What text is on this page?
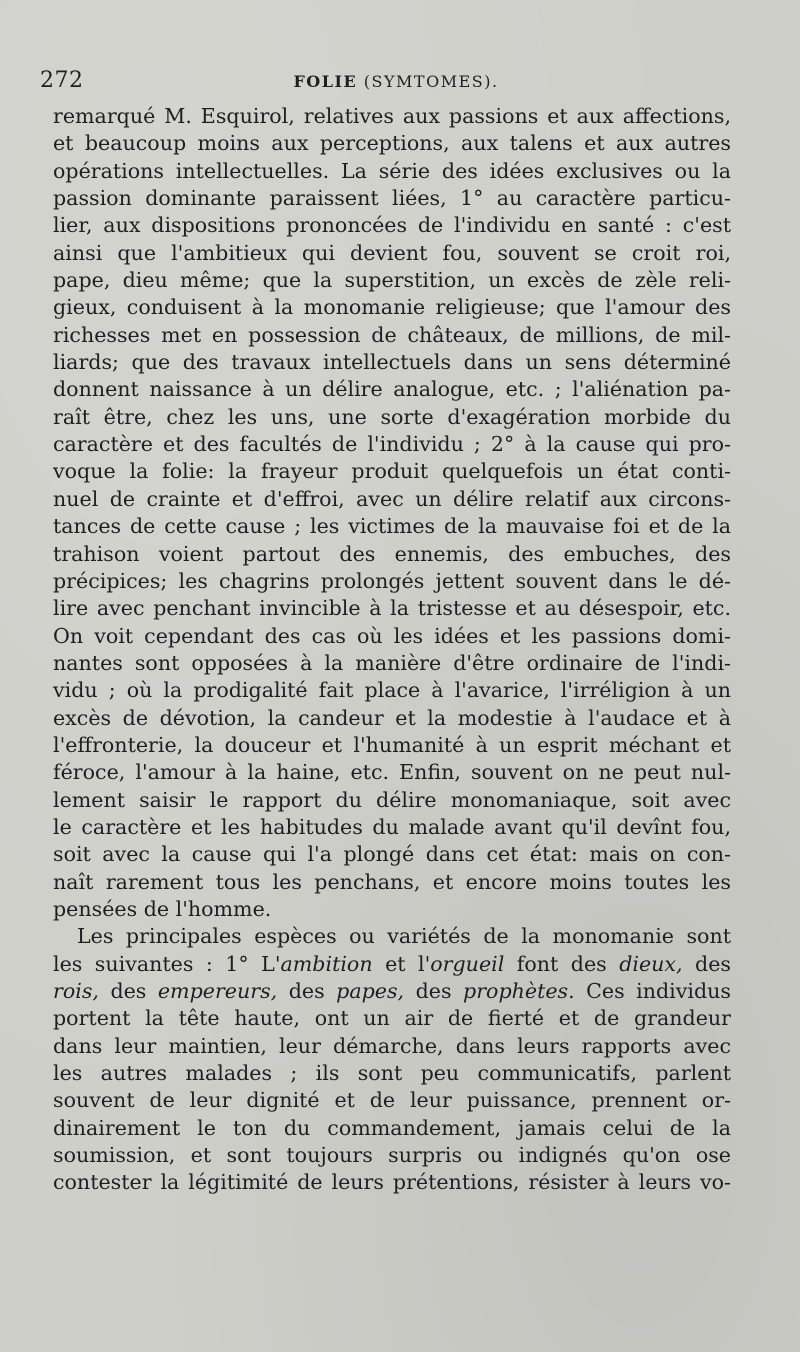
272	FOLIE (SYMTOMES).
remarqué M. Esquirol, relatives aux passions et aux affections,
et beaucoup moins aux perceptions, aux talens et aux autres
opérations intellectuelles. La série des idées exclusives ou la
passion dominante paraissent liées, 1° au caractère particu-
lier, aux dispositions prononcées de l'individu en santé : c'est
ainsi que l'ambitieux qui devient fou, souvent se croit roi,
pape, dieu même; que la superstition, un excès de zèle reli-
gieux, conduisent à la monomanie religieuse; que l'amour des
richesses met en possession de châteaux, de millions, de mil-
liards; que des travaux intellectuels dans un sens déterminé
donnent naissance à un délire analogue, etc. ; l'aliénation pa-
raît être, chez les uns, une sorte d'exagération morbide du
caractère et des facultés de l'individu ; 2° à la cause qui pro-
voque la folie: la frayeur produit quelquefois un état conti-
nuel de crainte et d'effroi, avec un délire relatif aux circons-
tances de cette cause ; les victimes de la mauvaise foi et de la
trahison voient partout des ennemis, des embuches, des
précipices; les chagrins prolongés jettent souvent dans le dé-
lire avec penchant invincible à la tristesse et au désespoir, etc.
On voit cependant des cas où les idées et les passions domi-
nantes sont opposées à la manière d'être ordinaire de l'indi-
vidu ; où la prodigalité fait place à l'avarice, l'irréligion à un
excès de dévotion, la candeur et la modestie à l'audace et à
l'effronterie, la douceur et l'humanité à un esprit méchant et
féroce, l'amour à la haine, etc. Enfin, souvent on ne peut nul-
lement saisir le rapport du délire monomaniaque, soit avec
le caractère et les habitudes du malade avant qu'il devînt fou,
soit avec la cause qui l'a plongé dans cet état: mais on con-
naît rarement tous les penchans, et encore moins toutes les
pensées de l'homme.
Les principales espèces ou variétés de la monomanie sont
les suivantes : 1° L'ambition et l'orgueil font des dieux, des
rois, des empereurs, des papes, des prophètes. Ces individus
portent la tête haute, ont un air de fierté et de grandeur
dans leur maintien, leur démarche, dans leurs rapports avec
les autres malades ; ils sont peu communicatifs, parlent
souvent de leur dignité et de leur puissance, prennent or-
dinairement le ton du commandement, jamais celui de la
soumission, et sont toujours surpris ou indignés qu'on ose
contester la légitimité de leurs prétentions, résister à leurs vo-
